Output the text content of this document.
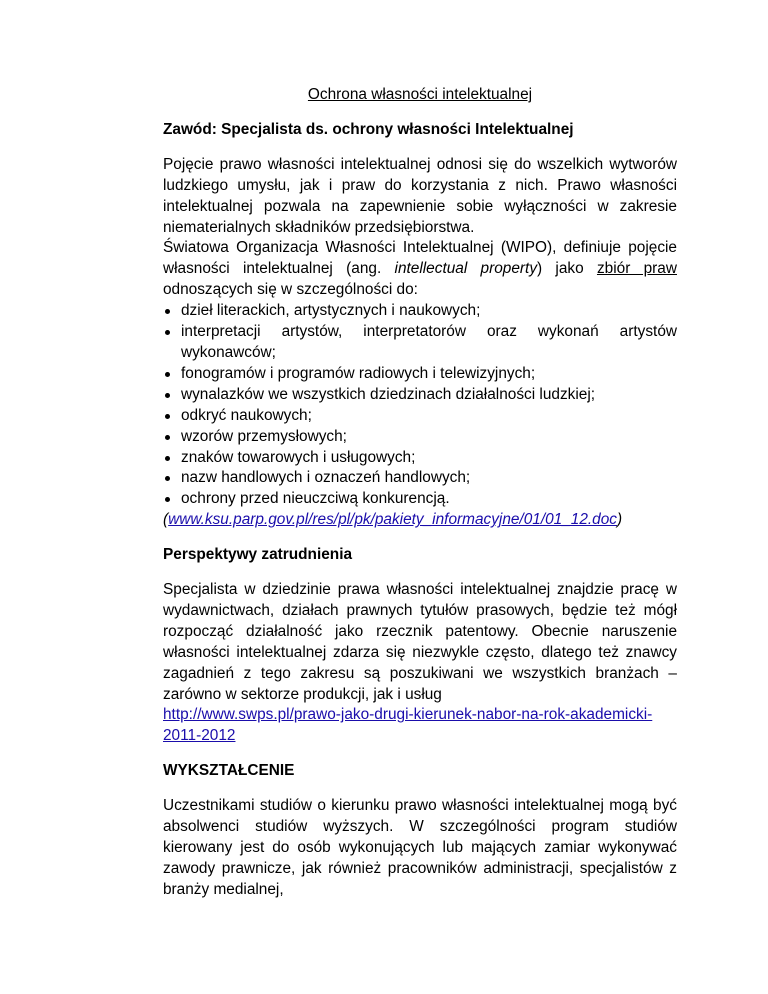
Ochrona własności intelektualnej

Zawód: Specjalista ds. ochrony własności Intelektualnej

Pojęcie prawo własności intelektualnej odnosi się do wszelkich wytworów ludzkiego umysłu, jak i praw do korzystania z nich. Prawo własności intelektualnej pozwala na zapewnienie sobie wyłączności w zakresie niematerialnych składników przedsiębiorstwa.

Światowa Organizacja Własności Intelektualnej (WIPO), definiuje pojęcie własności intelektualnej (ang. intellectual property) jako zbiór praw odnoszących się w szczególności do:

dzieł literackich, artystycznych i naukowych;
interpretacji artystów, interpretatorów oraz wykonań artystów wykonawców;
fonogramów i programów radiowych i telewizyjnych;
wynalazków we wszystkich dziedzinach działalności ludzkiej;
odkryć naukowych;
wzorów przemysłowych;
znaków towarowych i usługowych;
nazw handlowych i oznaczeń handlowych;
ochrony przed nieuczciwą konkurencją.

(www.ksu.parp.gov.pl/res/pl/pk/pakiety_informacyjne/01/01_12.doc)

Perspektywy zatrudnienia

Specjalista w dziedzinie prawa własności intelektualnej znajdzie pracę w wydawnictwach, działach prawnych tytułów prasowych, będzie też mógł rozpocząć działalność jako rzecznik patentowy. Obecnie naruszenie własności intelektualnej zdarza się niezwykle często, dlatego też znawcy zagadnień z tego zakresu są poszukiwani we wszystkich branżach – zarówno w sektorze produkcji, jak i usług

http://www.swps.pl/prawo-jako-drugi-kierunek-nabor-na-rok-akademicki-2011-2012

WYKSZTAŁCENIE

Uczestnikami studiów o kierunku prawo własności intelektualnej mogą być absolwenci studiów wyższych. W szczególności program studiów kierowany jest do osób wykonujących lub mających zamiar wykonywać zawody prawnicze, jak również pracowników administracji, specjalistów z branży medialnej,
